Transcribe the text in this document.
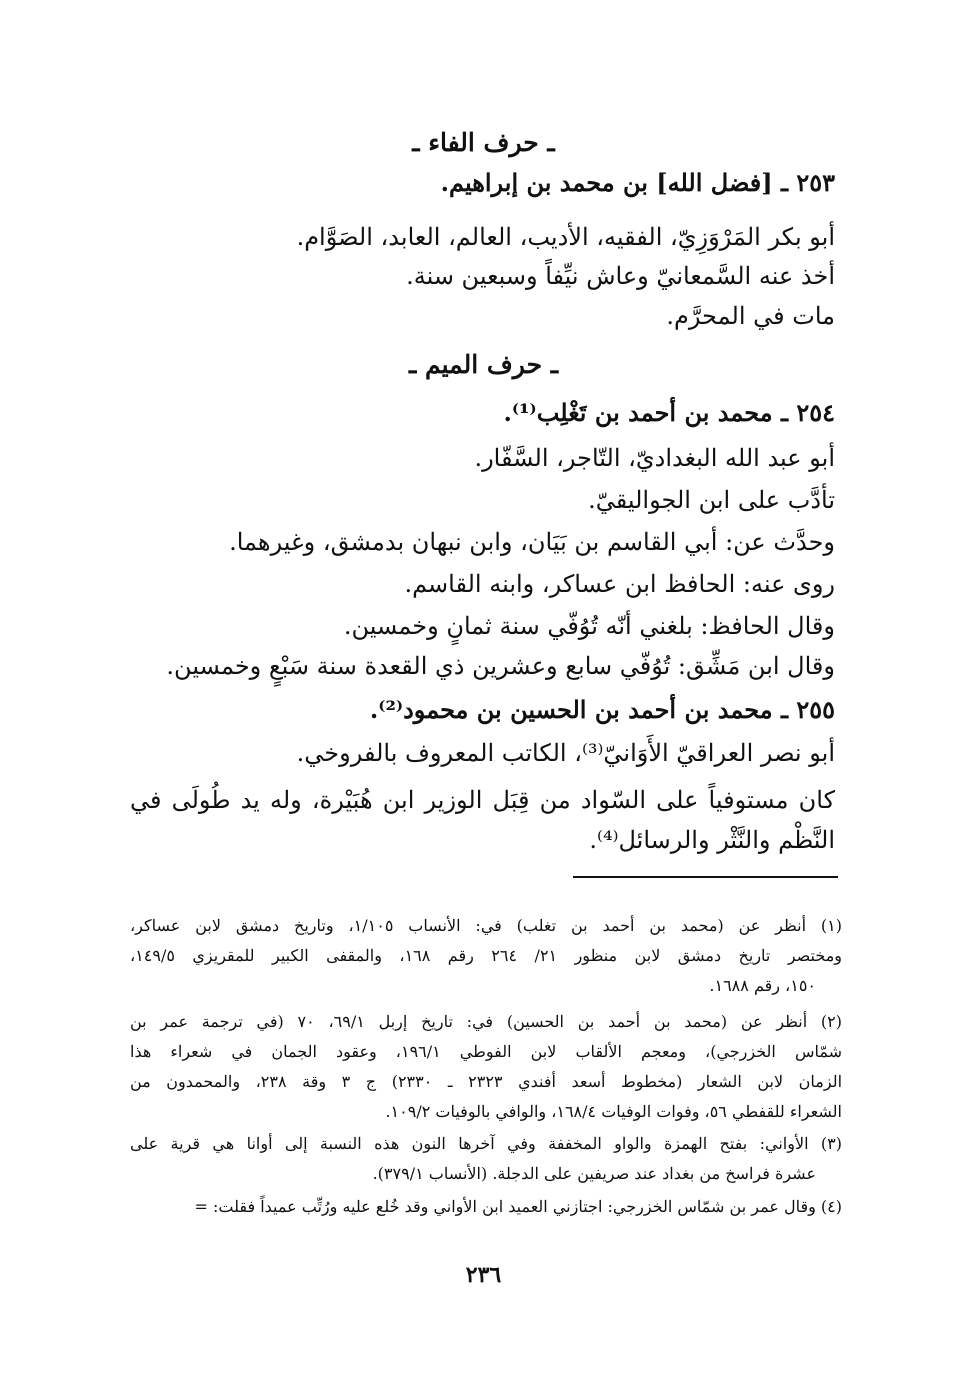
ـ حرف الفاء ـ
٢٥٣ ـ [فضل الله] بن محمد بن إبراهيم.
أبو بكر المَرْوَزِيّ، الفقيه، الأديب، العالم، العابد، الصَوَّام.
أخذ عنه السَّمعانيّ وعاش نيِّفاً وسبعين سنة.
مات في المحرَّم.
ـ حرف الميم ـ
٢٥٤ ـ محمد بن أحمد بن تَغْلِب⁽¹⁾.
أبو عبد الله البغداديّ، التّاجر، السَّفّار.
تأدَّب على ابن الجواليقيّ.
وحدَّث عن: أبي القاسم بن بَيَان، وابن نبهان بدمشق، وغيرهما.
روى عنه: الحافظ ابن عساكر، وابنه القاسم.
وقال الحافظ: بلغني أنّه تُوُفّي سنة ثمانٍ وخمسين.
وقال ابن مَشِّق: تُوُفّي سابع وعشرين ذي القعدة سنة سَبْعٍ وخمسين.
٢٥٥ ـ محمد بن أحمد بن الحسين بن محمود⁽²⁾.
أبو نصر العراقيّ الأَوَانيّ⁽³⁾، الكاتب المعروف بالفروخي.
كان مستوفياً على السّواد من قِبَل الوزير ابن هُبَيْرة، وله يد طُولَى في
النَّظْم والنَّثْر والرسائل⁽⁴⁾.
(١) أنظر عن (محمد بن أحمد بن تغلب) في: الأنساب ١/١٠٥، وتاريخ دمشق لابن عساكر،
ومختصر تاريخ دمشق لابن منظور ٢١/ ٢٦٤ رقم ١٦٨، والمقفى الكبير للمقريزي ١٤٩/٥،
١٥٠، رقم ١٦٨٨.
(٢) أنظر عن (محمد بن أحمد بن الحسين) في: تاريخ إربل ٦٩/١، ٧٠ (في ترجمة عمر بن
شمّاس الخزرجي)، ومعجم الألقاب لابن الفوطي ١٩٦/١، وعقود الجمان في شعراء هذا
الزمان لابن الشعار (مخطوط أسعد أفندي ٢٣٢٣ ـ ٢٣٣٠) ج ٣ وقة ٢٣٨، والمحمدون من
الشعراء للقفطي ٥٦، وفوات الوفيات ١٦٨/٤، والوافي بالوفيات ١٠٩/٢.
(٣) الأواني: بفتح الهمزة والواو المخففة وفي آخرها النون هذه النسبة إلى أوانا هي قرية على
عشرة فراسخ من بغداد عند صريفين على الدجلة. (الأنساب ٣٧٩/١).
(٤) وقال عمر بن شمّاس الخزرجي: اجتازني العميد ابن الأواني وقد خُلع عليه ورُتِّب عميداً فقلت: =
٢٣٦
